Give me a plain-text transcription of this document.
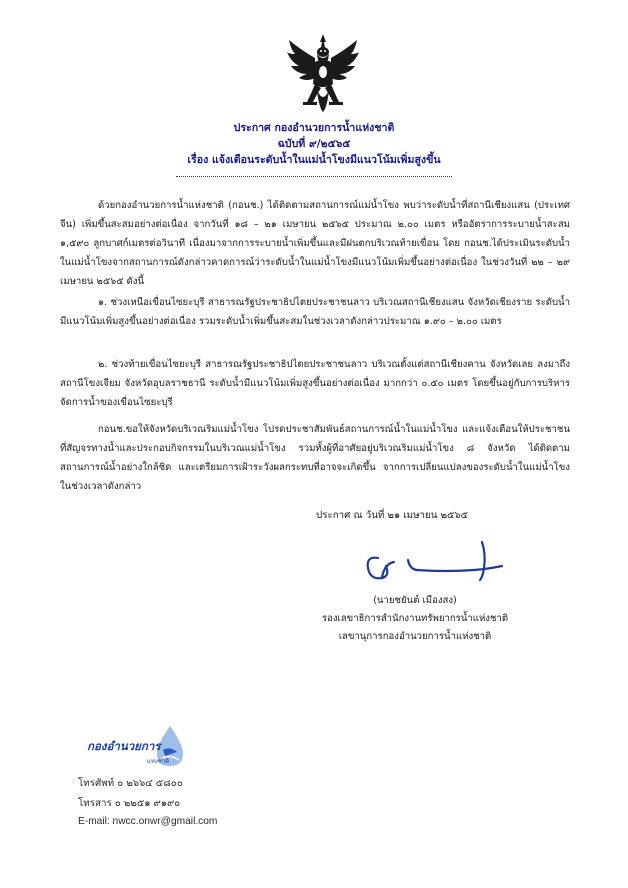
ประกาศ กองอำนวยการน้ำแห่งชาติ
ฉบับที่ ๙/๒๕๖๕
เรื่อง แจ้งเตือนระดับน้ำในแม่น้ำโขงมีแนวโน้มเพิ่มสูงขึ้น

ด้วยกองอำนวยการน้ำแห่งชาติ (กอนช.) ได้ติดตามสถานการณ์แม่น้ำโขง พบว่าระดับน้ำที่สถานีเชียงแสน (ประเทศจีน) เพิ่มขึ้นสะสมอย่างต่อเนื่อง จากวันที่ ๑๘ – ๒๑ เมษายน ๒๕๖๕ ประมาณ ๒.๐๐ เมตร หรืออัตราการระบายน้ำสะสม ๑,๕๙๐ ลูกบาศก์เมตรต่อวินาที เนื่องมาจากการระบายน้ำเพิ่มขึ้นและมีฝนตกบริเวณท้ายเขื่อน โดย กอนช.ได้ประเมินระดับน้ำในแม่น้ำโขงจากสถานการณ์ดังกล่าวคาดการณ์ว่าระดับน้ำในแม่น้ำโขงมีแนวโน้มเพิ่มขึ้นอย่างต่อเนื่อง ในช่วงวันที่ ๒๒ – ๒๙ เมษายน ๒๕๖๕ ดังนี้

๑. ช่วงเหนือเขื่อนไซยะบุรี สาธารณรัฐประชาธิปไตยประชาชนลาว บริเวณสถานีเชียงแสน จังหวัดเชียงราย ระดับน้ำมีแนวโน้มเพิ่มสูงขึ้นอย่างต่อเนื่อง รวมระดับน้ำเพิ่มขึ้นสะสมในช่วงเวลาดังกล่าวประมาณ ๑.๙๐ – ๒.๐๐ เมตร

๒. ช่วงท้ายเขื่อนไซยะบุรี สาธารณรัฐประชาธิปไตยประชาชนลาว บริเวณตั้งแต่สถานีเชียงคาน จังหวัดเลย ลงมาถึงสถานีโขงเจียม จังหวัดอุบลราชธานี ระดับน้ำมีแนวโน้มเพิ่มสูงขึ้นอย่างต่อเนื่อง มากกว่า ๐.๕๐ เมตร โดยขึ้นอยู่กับการบริหารจัดการน้ำของเขื่อนไซยะบุรี

กอนช.ขอให้จังหวัดบริเวณริมแม่น้ำโขง โปรดประชาสัมพันธ์สถานการณ์น้ำในแม่น้ำโขง และแจ้งเตือนให้ประชาชนที่สัญจรทางน้ำและประกอบกิจกรรมในบริเวณแม่น้ำโขง รวมทั้งผู้ที่อาศัยอยู่บริเวณริมแม่น้ำโขง ๘ จังหวัด ได้ติดตามสถานการณ์น้ำอย่างใกล้ชิด และเตรียมการเฝ้าระวังผลกระทบที่อาจจะเกิดขึ้น จากการเปลี่ยนแปลงของระดับน้ำในแม่น้ำโขงในช่วงเวลาดังกล่าว

ประกาศ ณ วันที่ ๒๑ เมษายน ๒๕๖๕
(นายชยันต์ เมืองสง)
รองเลขาธิการสำนักงานทรัพยากรน้ำแห่งชาติ
เลขานุการกองอำนวยการน้ำแห่งชาติ
กองอำนวยการ
แห่งชาติ
โทรศัพท์ ๐ ๒๖๖๔ ๕๘๐๐
โทรสาร ๐ ๒๒๕๑ ๙๑๙๐
E-mail: nwcc.onwr@gmail.com
